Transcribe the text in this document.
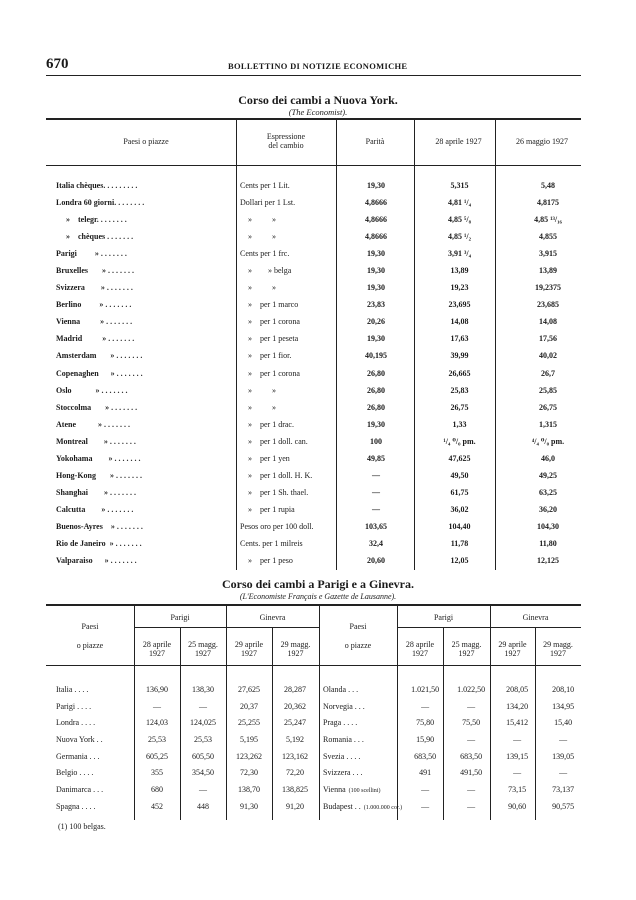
670	BOLLETTINO DI NOTIZIE ECONOMICHE
Corso dei cambi a Nuova York.
(The Economist).
Paesi o piazze
Espressione
del cambio	Parità	28 aprile 1927	26 maggio 1927
Italia chèques. . . . . . . . .	Cents per 1 Lit.	19,30	5,315	5,48
Londra 60 giorni. . . . . . . .	Dollari per 1 Lst.	4,8666	4,81 ¹/₄	4,8175
»    telegr. . . . . . . .	»          »	4,8666	4,85 ⁵/₈	4,85 ¹³/₁₆
»    chèques . . . . . . .	»          »	4,8666	4,85 ¹/₂	4,855
Parigi         » . . . . . . .	Cents per 1 frc.	19,30	3,91 ³/₄	3,915
Bruxelles       » . . . . . . .	»        » belga	19,30	13,89	13,89
Svizzera        » . . . . . . .	»          »	19,30	19,23	19,2375
Berlino         » . . . . . . .	»    per 1 marco	23,83	23,695	23,685
Vienna          » . . . . . . .	»    per 1 corona	20,26	14,08	14,08
Madrid          » . . . . . . .	»    per 1 peseta	19,30	17,63	17,56
Amsterdam       » . . . . . . .	»    per 1 fior.	40,195	39,99	40,02
Copenaghen      » . . . . . . .	»    per 1 corona	26,80	26,665	26,7
Oslo            » . . . . . . .	»          »	26,80	25,83	25,85
Stoccolma       » . . . . . . .	»          »	26,80	26,75	26,75
Atene           » . . . . . . .	»    per 1 drac.	19,30	1,33	1,315
Montreal        » . . . . . . .	»    per 1 doll. can.	100	¹/₄ ⁰/₀ pm.	⁴/₄ ⁰/₀ pm.
Yokohama        » . . . . . . .	»    per 1 yen	49,85	47,625	46,0
Hong-Kong       » . . . . . . .	»    per 1 doll. H. K.	—	49,50	49,25
Shanghai        » . . . . . . .	»    per 1 Sh. thael.	—	61,75	63,25
Calcutta        » . . . . . . .	»    per 1 rupia	—	36,02	36,20
Buenos-Ayres    » . . . . . . .	Pesos oro per 100 doll.	103,65	104,40	104,30
Rio de Janeiro  » . . . . . . .	Cents. per 1 milreis	32,4	11,78	11,80
Valparaiso      » . . . . . . .	»    per 1 peso	20,60	12,05	12,125
Corso dei cambi a Parigi e a Ginevra.
(L'Economiste Français e Gazette de Lausanne).
Paesi
o piazze
Parigi	Ginevra
28 aprile
1927
25 magg.
1927
29 aprile
1927
29 magg.
1927
Paesi
o piazze
Parigi	Ginevra
28 aprile
1927
25 magg.
1927
29 aprile
1927
29 magg.
1927
Italia . . . .	136,90	138,30	27,625	28,287
Parigi . . . .	—	—	20,37	20,362
Londra . . . .	124,03	124,025	25,255	25,247
Nuova York . .	25,53	25,53	5,195	5,192
Germania . . .	605,25	605,50	123,262	123,162
Belgio . . . .	355	354,50	72,30	72,20
Danimarca . . .	680	—	138,70	138,825
Spagna . . . .	452	448	91,30	91,20
Olanda . . .	1.021,50	1.022,50	208,05	208,10
Norvegia . . .	—	—	134,20	134,95
Praga . . . .	75,80	75,50	15,412	15,40
Romania . . .	15,90	—	—	—
Svezia . . . .	683,50	683,50	139,15	139,05
Svizzera . . .	491	491,50	—	—
Vienna (100 scellini)	—	—	73,15	73,137
Budapest . . (1.000.000 cor.)	—	—	90,60	90,575
(1) 100 belgas.
